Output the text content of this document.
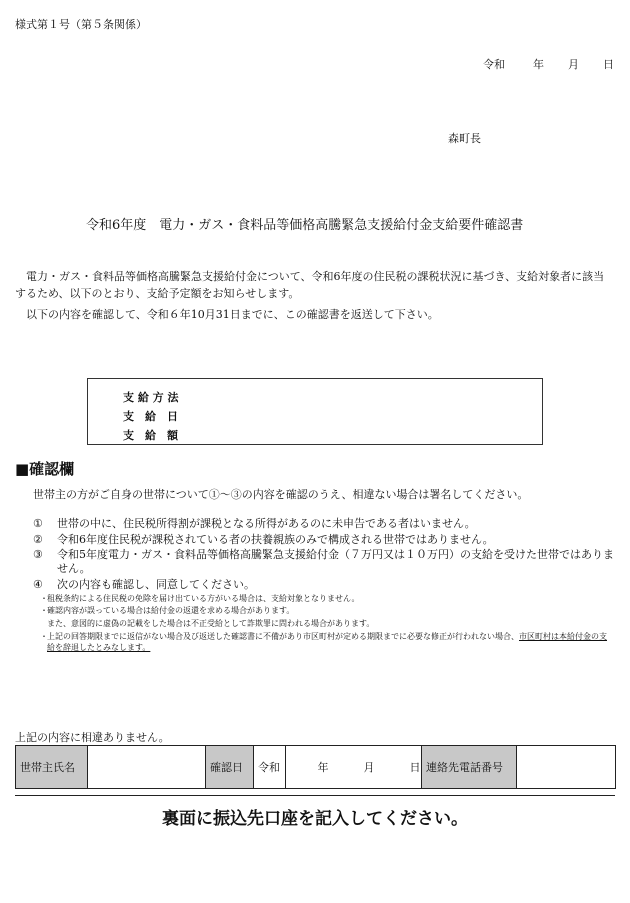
様式第１号（第５条関係）
令和	年 月 日
森町長
令和6年度　電力・ガス・食料品等価格高騰緊急支援給付金支給要件確認書
電力・ガス・食料品等価格高騰緊急支援給付金について、令和6年度の住民税の課税状況に基づき、支給対象者に該当するため、以下のとおり、支給予定額をお知らせします。
以下の内容を確認して、令和６年10月31日までに、この確認書を返送して下さい。
支 給 方 法
支　給　日
支　給　額
■確認欄
世帯主の方がご自身の世帯について①～③の内容を確認のうえ、相違ない場合は署名してください。
①	世帯の中に、住民税所得割が課税となる所得があるのに未申告である者はいません。
②	令和6年度住民税が課税されている者の扶養親族のみで構成される世帯ではありません。
③	令和5年度電力・ガス・食料品等価格高騰緊急支援給付金（７万円又は１０万円）の支給を受けた世帯ではありません。
④	次の内容も確認し、同意してください。
・ 租税条約による住民税の免除を届け出ている方がいる場合は、支給対象となりません。
・ 確認内容が誤っている場合は給付金の返還を求める場合があります。
また、意図的に虚偽の記載をした場合は不正受給として詐欺罪に問われる場合があります。
・ 上記の回答期限までに返信がない場合及び返送した確認書に不備があり市区町村が定める期限までに必要な修正が行われない場合、市区町村は本給付金の支給を辞退したとみなします。
上記の内容に相違ありません。
世帯主氏名		確認日	令和		年		月		日	連絡先電話番号	
裏面に振込先口座を記入してください。
